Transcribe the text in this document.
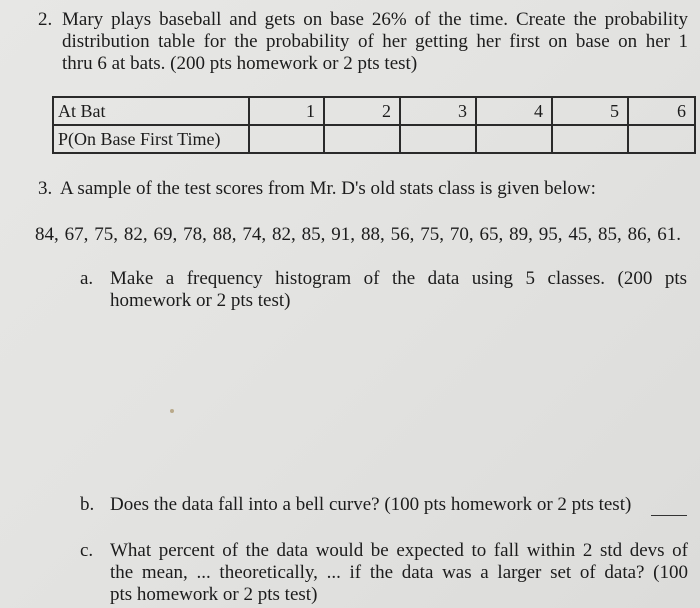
2. Mary plays baseball and gets on base 26% of the time. Create the probability
distribution table for the probability of her getting her first on base on her 1
thru 6 at bats. (200 pts homework or 2 pts test)
At Bat	1	2	3	4	5	6
P(On Base First Time)						
3. A sample of the test scores from Mr. D's old stats class is given below:
84, 67, 75, 82, 69, 78, 88, 74, 82, 85, 91, 88, 56, 75, 70, 65, 89, 95, 45, 85, 86, 61.
a. Make a frequency histogram of the data using 5 classes. (200 pts
homework or 2 pts test)
b. Does the data fall into a bell curve? (100 pts homework or 2 pts test)
c. What percent of the data would be expected to fall within 2 std devs of
the mean, ... theoretically, ... if the data was a larger set of data? (100
pts homework or 2 pts test)
